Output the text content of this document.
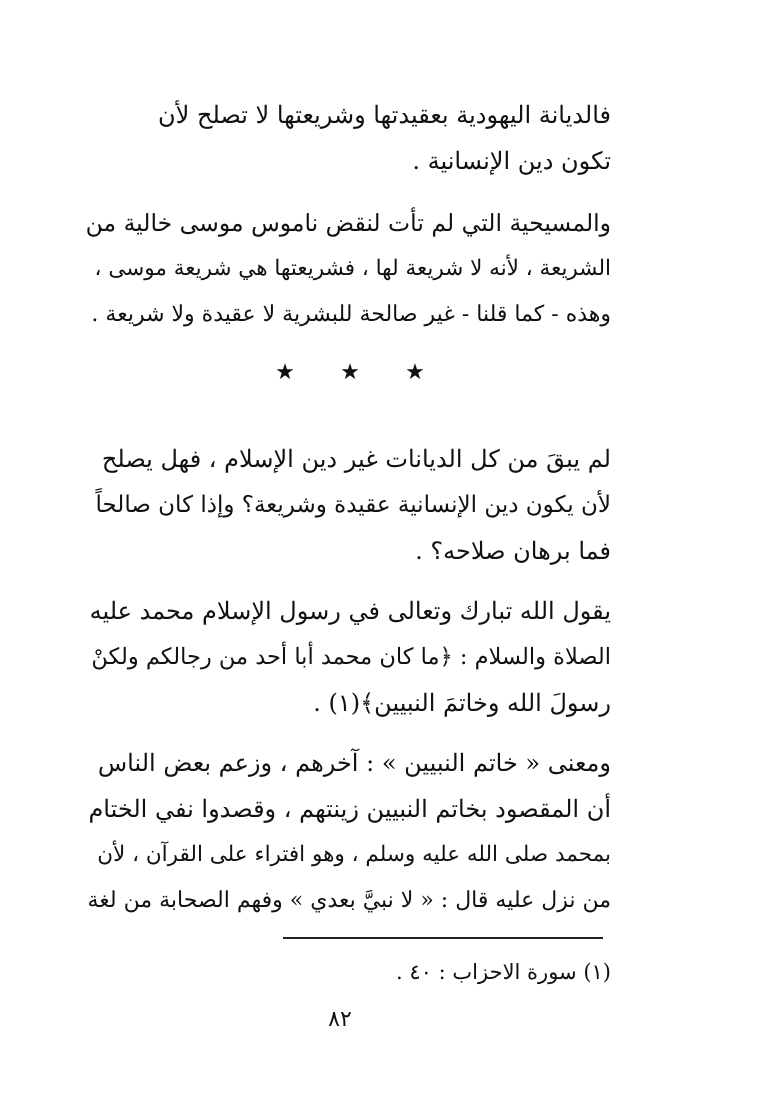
فالديانة اليهودية بعقيدتها وشريعتها لا تصلح لأن
تكون دين الإنسانية .
والمسيحية التي لم تأت لنقض ناموس موسى خالية من
الشريعة ، لأنه لا شريعة لها ، فشريعتها هي شريعة موسى ،
وهذه - كما قلنا - غير صالحة للبشرية لا عقيدة ولا شريعة .
★ ★ ★
لم يبقَ من كل الديانات غير دين الإسلام ، فهل يصلح
لأن يكون دين الإنسانية عقيدة وشريعة؟ وإذا كان صالحاً
فما برهان صلاحه؟ .
يقول الله تبارك وتعالى في رسول الإسلام محمد عليه
الصلاة والسلام : ﴿ما كان محمد أبا أحد من رجالكم ولكنْ
رسولَ الله وخاتمَ النبيين﴾(١) .
ومعنى « خاتم النبيين » : آخرهم ، وزعم بعض الناس
أن المقصود بخاتم النبيين زينتهم ، وقصدوا نفي الختام
بمحمد صلى الله عليه وسلم ، وهو افتراء على القرآن ، لأن
من نزل عليه قال : « لا نبيَّ بعدي » وفهم الصحابة من لغة
(١) سورة الاحزاب : ٤٠ .
٨٢
